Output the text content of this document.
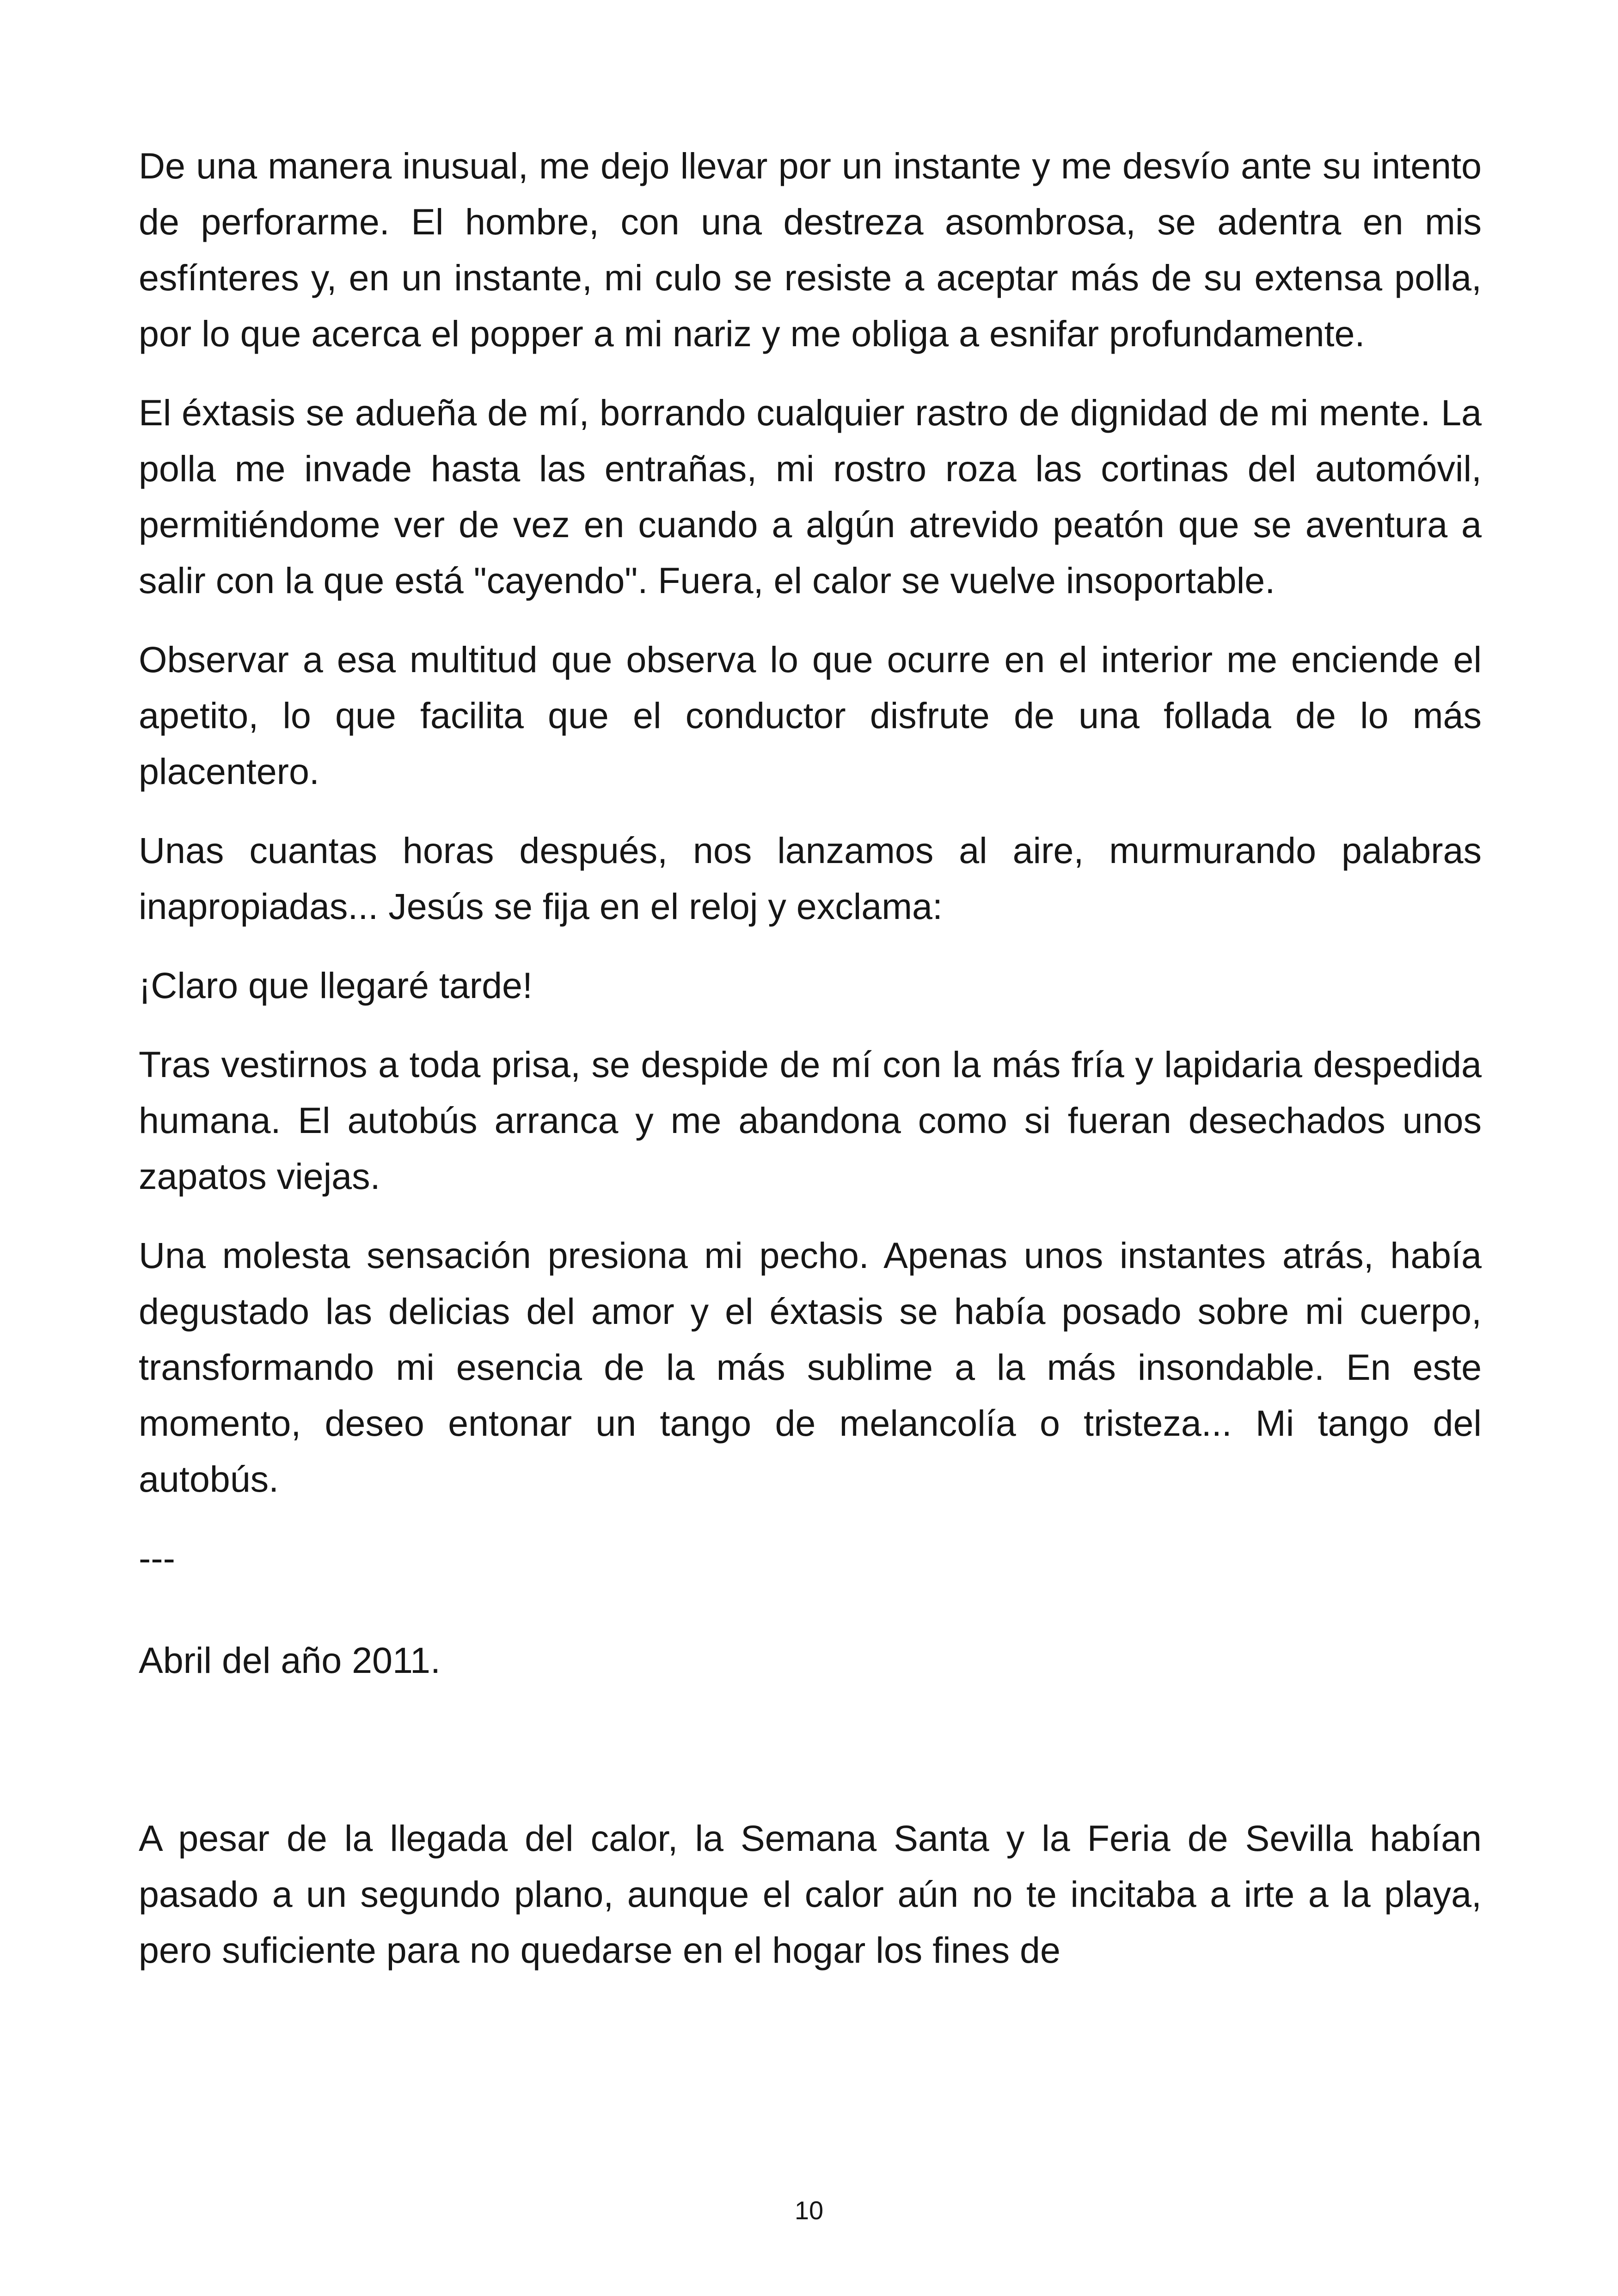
De una manera inusual, me dejo llevar por un instante y me desvío ante su intento de perforarme. El hombre, con una destreza asombrosa, se adentra en mis esfínteres y, en un instante, mi culo se resiste a aceptar más de su extensa polla, por lo que acerca el popper a mi nariz y me obliga a esnifar profundamente.

El éxtasis se adueña de mí, borrando cualquier rastro de dignidad de mi mente. La polla me invade hasta las entrañas, mi rostro roza las cortinas del automóvil, permitiéndome ver de vez en cuando a algún atrevido peatón que se aventura a salir con la que está "cayendo". Fuera, el calor se vuelve insoportable.

Observar a esa multitud que observa lo que ocurre en el interior me enciende el apetito, lo que facilita que el conductor disfrute de una follada de lo más placentero.

Unas cuantas horas después, nos lanzamos al aire, murmurando palabras inapropiadas... Jesús se fija en el reloj y exclama:

¡Claro que llegaré tarde!

Tras vestirnos a toda prisa, se despide de mí con la más fría y lapidaria despedida humana. El autobús arranca y me abandona como si fueran desechados unos zapatos viejas.

Una molesta sensación presiona mi pecho. Apenas unos instantes atrás, había degustado las delicias del amor y el éxtasis se había posado sobre mi cuerpo, transformando mi esencia de la más sublime a la más insondable. En este momento, deseo entonar un tango de melancolía o tristeza... Mi tango del autobús.

---

Abril del año 2011.

A pesar de la llegada del calor, la Semana Santa y la Feria de Sevilla habían pasado a un segundo plano, aunque el calor aún no te incitaba a irte a la playa, pero suficiente para no quedarse en el hogar los fines de

10
